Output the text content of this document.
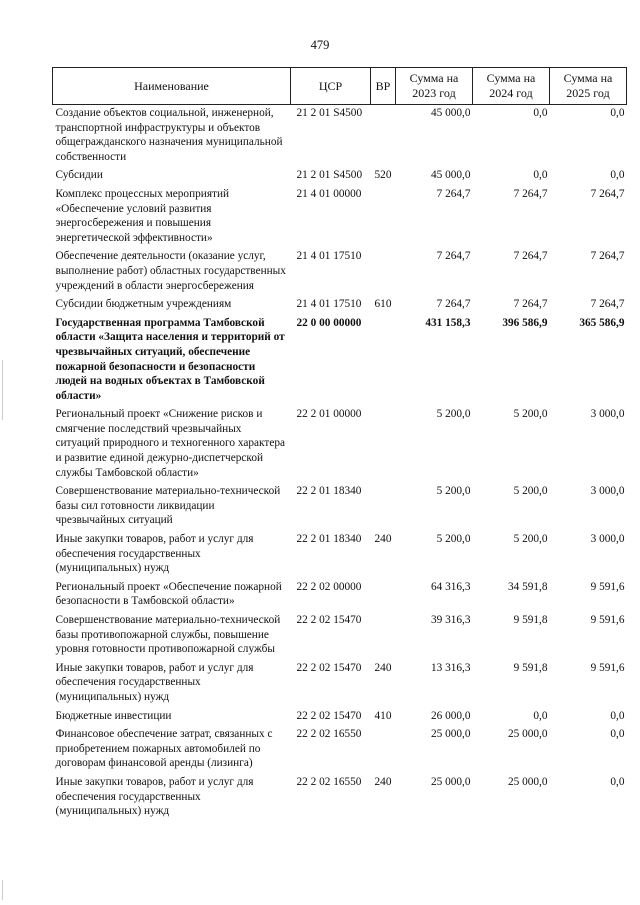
479
Наименование	ЦСР	ВР	Сумма на 2023 год	Сумма на 2024 год	Сумма на 2025 год
Создание объектов социальной, инженерной, транспортной инфраструктуры и объектов общегражданского назначения муниципальной собственности	21 2 01 S4500		45 000,0	0,0	0,0
Субсидии	21 2 01 S4500	520	45 000,0	0,0	0,0
Комплекс процессных мероприятий «Обеспечение условий развития энергосбережения и повышения энергетической эффективности»	21 4 01 00000		7 264,7	7 264,7	7 264,7
Обеспечение деятельности (оказание услуг, выполнение работ) областных государственных учреждений в области энергосбережения	21 4 01 17510		7 264,7	7 264,7	7 264,7
Субсидии бюджетным учреждениям	21 4 01 17510	610	7 264,7	7 264,7	7 264,7
Государственная программа Тамбовской области «Защита населения и территорий от чрезвычайных ситуаций, обеспечение пожарной безопасности и безопасности людей на водных объектах в Тамбовской области»	22 0 00 00000		431 158,3	396 586,9	365 586,9
Региональный проект «Снижение рисков и смягчение последствий чрезвычайных ситуаций природного и техногенного характера и развитие единой дежурно-диспетчерской службы Тамбовской области»	22 2 01 00000		5 200,0	5 200,0	3 000,0
Совершенствование материально-технической базы сил готовности ликвидации чрезвычайных ситуаций	22 2 01 18340		5 200,0	5 200,0	3 000,0
Иные закупки товаров, работ и услуг для обеспечения государственных (муниципальных) нужд	22 2 01 18340	240	5 200,0	5 200,0	3 000,0
Региональный проект «Обеспечение пожарной безопасности в Тамбовской области»	22 2 02 00000		64 316,3	34 591,8	9 591,6
Совершенствование материально-технической базы противопожарной службы, повышение уровня готовности противопожарной службы	22 2 02 15470		39 316,3	9 591,8	9 591,6
Иные закупки товаров, работ и услуг для обеспечения государственных (муниципальных) нужд	22 2 02 15470	240	13 316,3	9 591,8	9 591,6
Бюджетные инвестиции	22 2 02 15470	410	26 000,0	0,0	0,0
Финансовое обеспечение затрат, связанных с приобретением пожарных автомобилей по договорам финансовой аренды (лизинга)	22 2 02 16550		25 000,0	25 000,0	0,0
Иные закупки товаров, работ и услуг для обеспечения государственных (муниципальных) нужд	22 2 02 16550	240	25 000,0	25 000,0	0,0
